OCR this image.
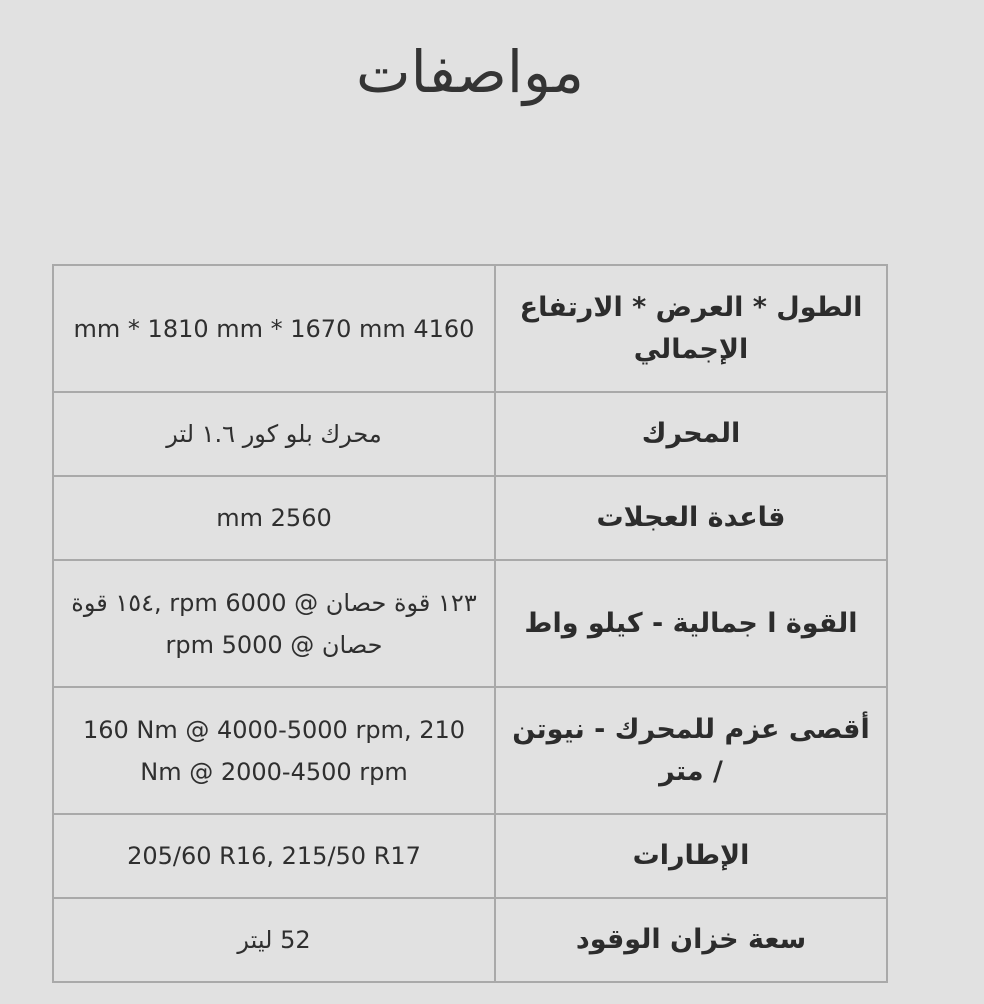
مواصفات
الطول * العرض * الارتفاع الإجمالي	mm * 1810 mm * 1670 mm 4160
المحرك	محرك بلو كور ١.٦ لتر
قاعدة العجلات	mm 2560
القوة ا جمالية - كيلو واط	١٢٣ قوة حصان @ rpm 6000 ,١٥٤ قوة حصان @ rpm 5000
أقصى عزم للمحرك - نيوتن / متر	160 Nm @ 4000-5000 rpm, 210 Nm @ 2000-4500 rpm
الإطارات	205/60 R16, 215/50 R17
سعة خزان الوقود	52 ليتر
